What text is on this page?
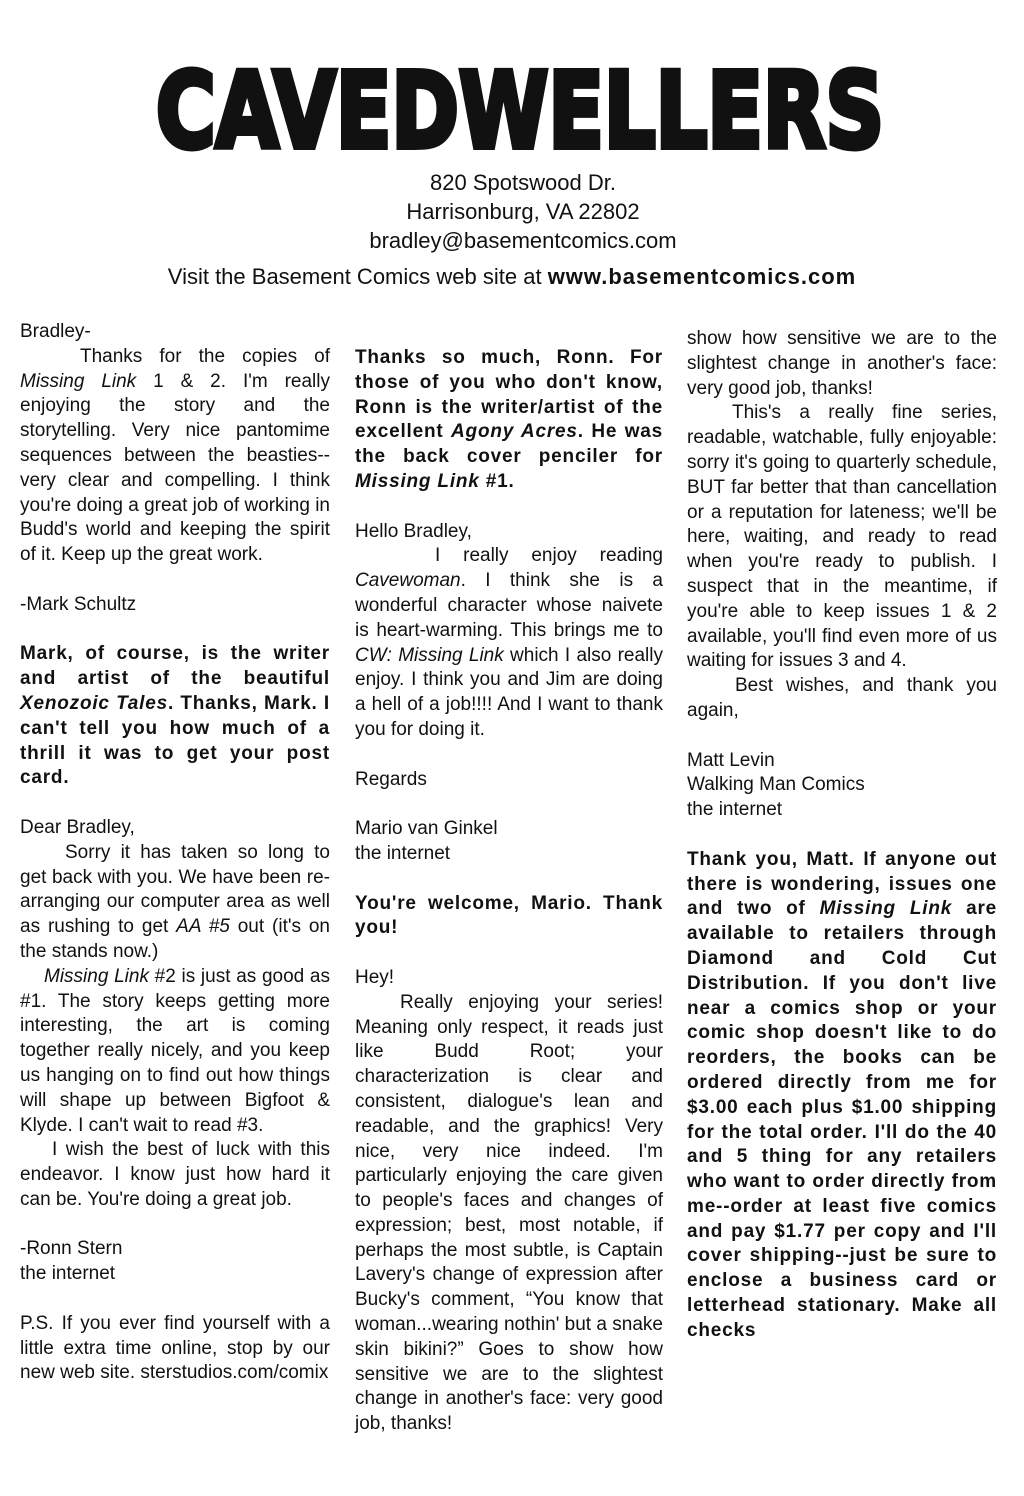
CAVEDWELLERS
820 Spotswood Dr.
Harrisonburg, VA 22802
bradley@basementcomics.com
Visit the Basement Comics web site at www.basementcomics.com

Bradley-

Thanks for the copies of Missing Link 1 & 2. I'm really enjoying the story and the storytelling. Very nice pantomime sequences between the beasties--very clear and compelling. I think you're doing a great job of working in Budd's world and keeping the spirit of it. Keep up the great work.

-Mark Schultz

Mark, of course, is the writer and artist of the beautiful Xenozoic Tales. Thanks, Mark. I can't tell you how much of a thrill it was to get your post card.

Dear Bradley,

Sorry it has taken so long to get back with you. We have been re-arranging our computer area as well as rushing to get AA #5 out (it's on the stands now.)

Missing Link #2 is just as good as #1. The story keeps getting more interesting, the art is coming together really nicely, and you keep us hanging on to find out how things will shape up between Bigfoot & Klyde. I can't wait to read #3.

I wish the best of luck with this endeavor. I know just how hard it can be. You're doing a great job.

-Ronn Stern

the internet

P.S. If you ever find yourself with a little extra time online, stop by our new web site. sterstudios.com/comix

Thanks so much, Ronn. For those of you who don't know, Ronn is the writer/artist of the excellent Agony Acres. He was the back cover penciler for Missing Link #1.

Hello Bradley,

I really enjoy reading Cavewoman. I think she is a wonderful character whose naivete is heart-warming. This brings me to CW: Missing Link which I also really enjoy. I think you and Jim are doing a hell of a job!!!! And I want to thank you for doing it.

Regards

Mario van Ginkel

the internet

You're welcome, Mario. Thank you!

Hey!

Really enjoying your series! Meaning only respect, it reads just like Budd Root; your characterization is clear and consistent, dialogue's lean and readable, and the graphics! Very nice, very nice indeed. I'm particularly enjoying the care given to people's faces and changes of expression; best, most notable, if perhaps the most subtle, is Captain Lavery's change of expression after Bucky's comment, “You know that woman...wearing nothin' but a snake skin bikini?” Goes to show how sensitive we are to the slightest change in another's face: very good job, thanks!

show how sensitive we are to the slightest change in another's face: very good job, thanks!

This's a really fine series, readable, watchable, fully enjoyable: sorry it's going to quarterly schedule, BUT far better that than cancellation or a reputation for lateness; we'll be here, waiting, and ready to read when you're ready to publish. I suspect that in the meantime, if you're able to keep issues 1 & 2 available, you'll find even more of us waiting for issues 3 and 4.

Best wishes, and thank you again,

Matt Levin

Walking Man Comics

the internet

Thank you, Matt. If anyone out there is wondering, issues one and two of Missing Link are available to retailers through Diamond and Cold Cut Distribution. If you don't live near a comics shop or your comic shop doesn't like to do reorders, the books can be ordered directly from me for $3.00 each plus $1.00 shipping for the total order. I'll do the 40 and 5 thing for any retailers who want to order directly from me--order at least five comics and pay $1.77 per copy and I'll cover shipping--just be sure to enclose a business card or letterhead stationary. Make all checks
